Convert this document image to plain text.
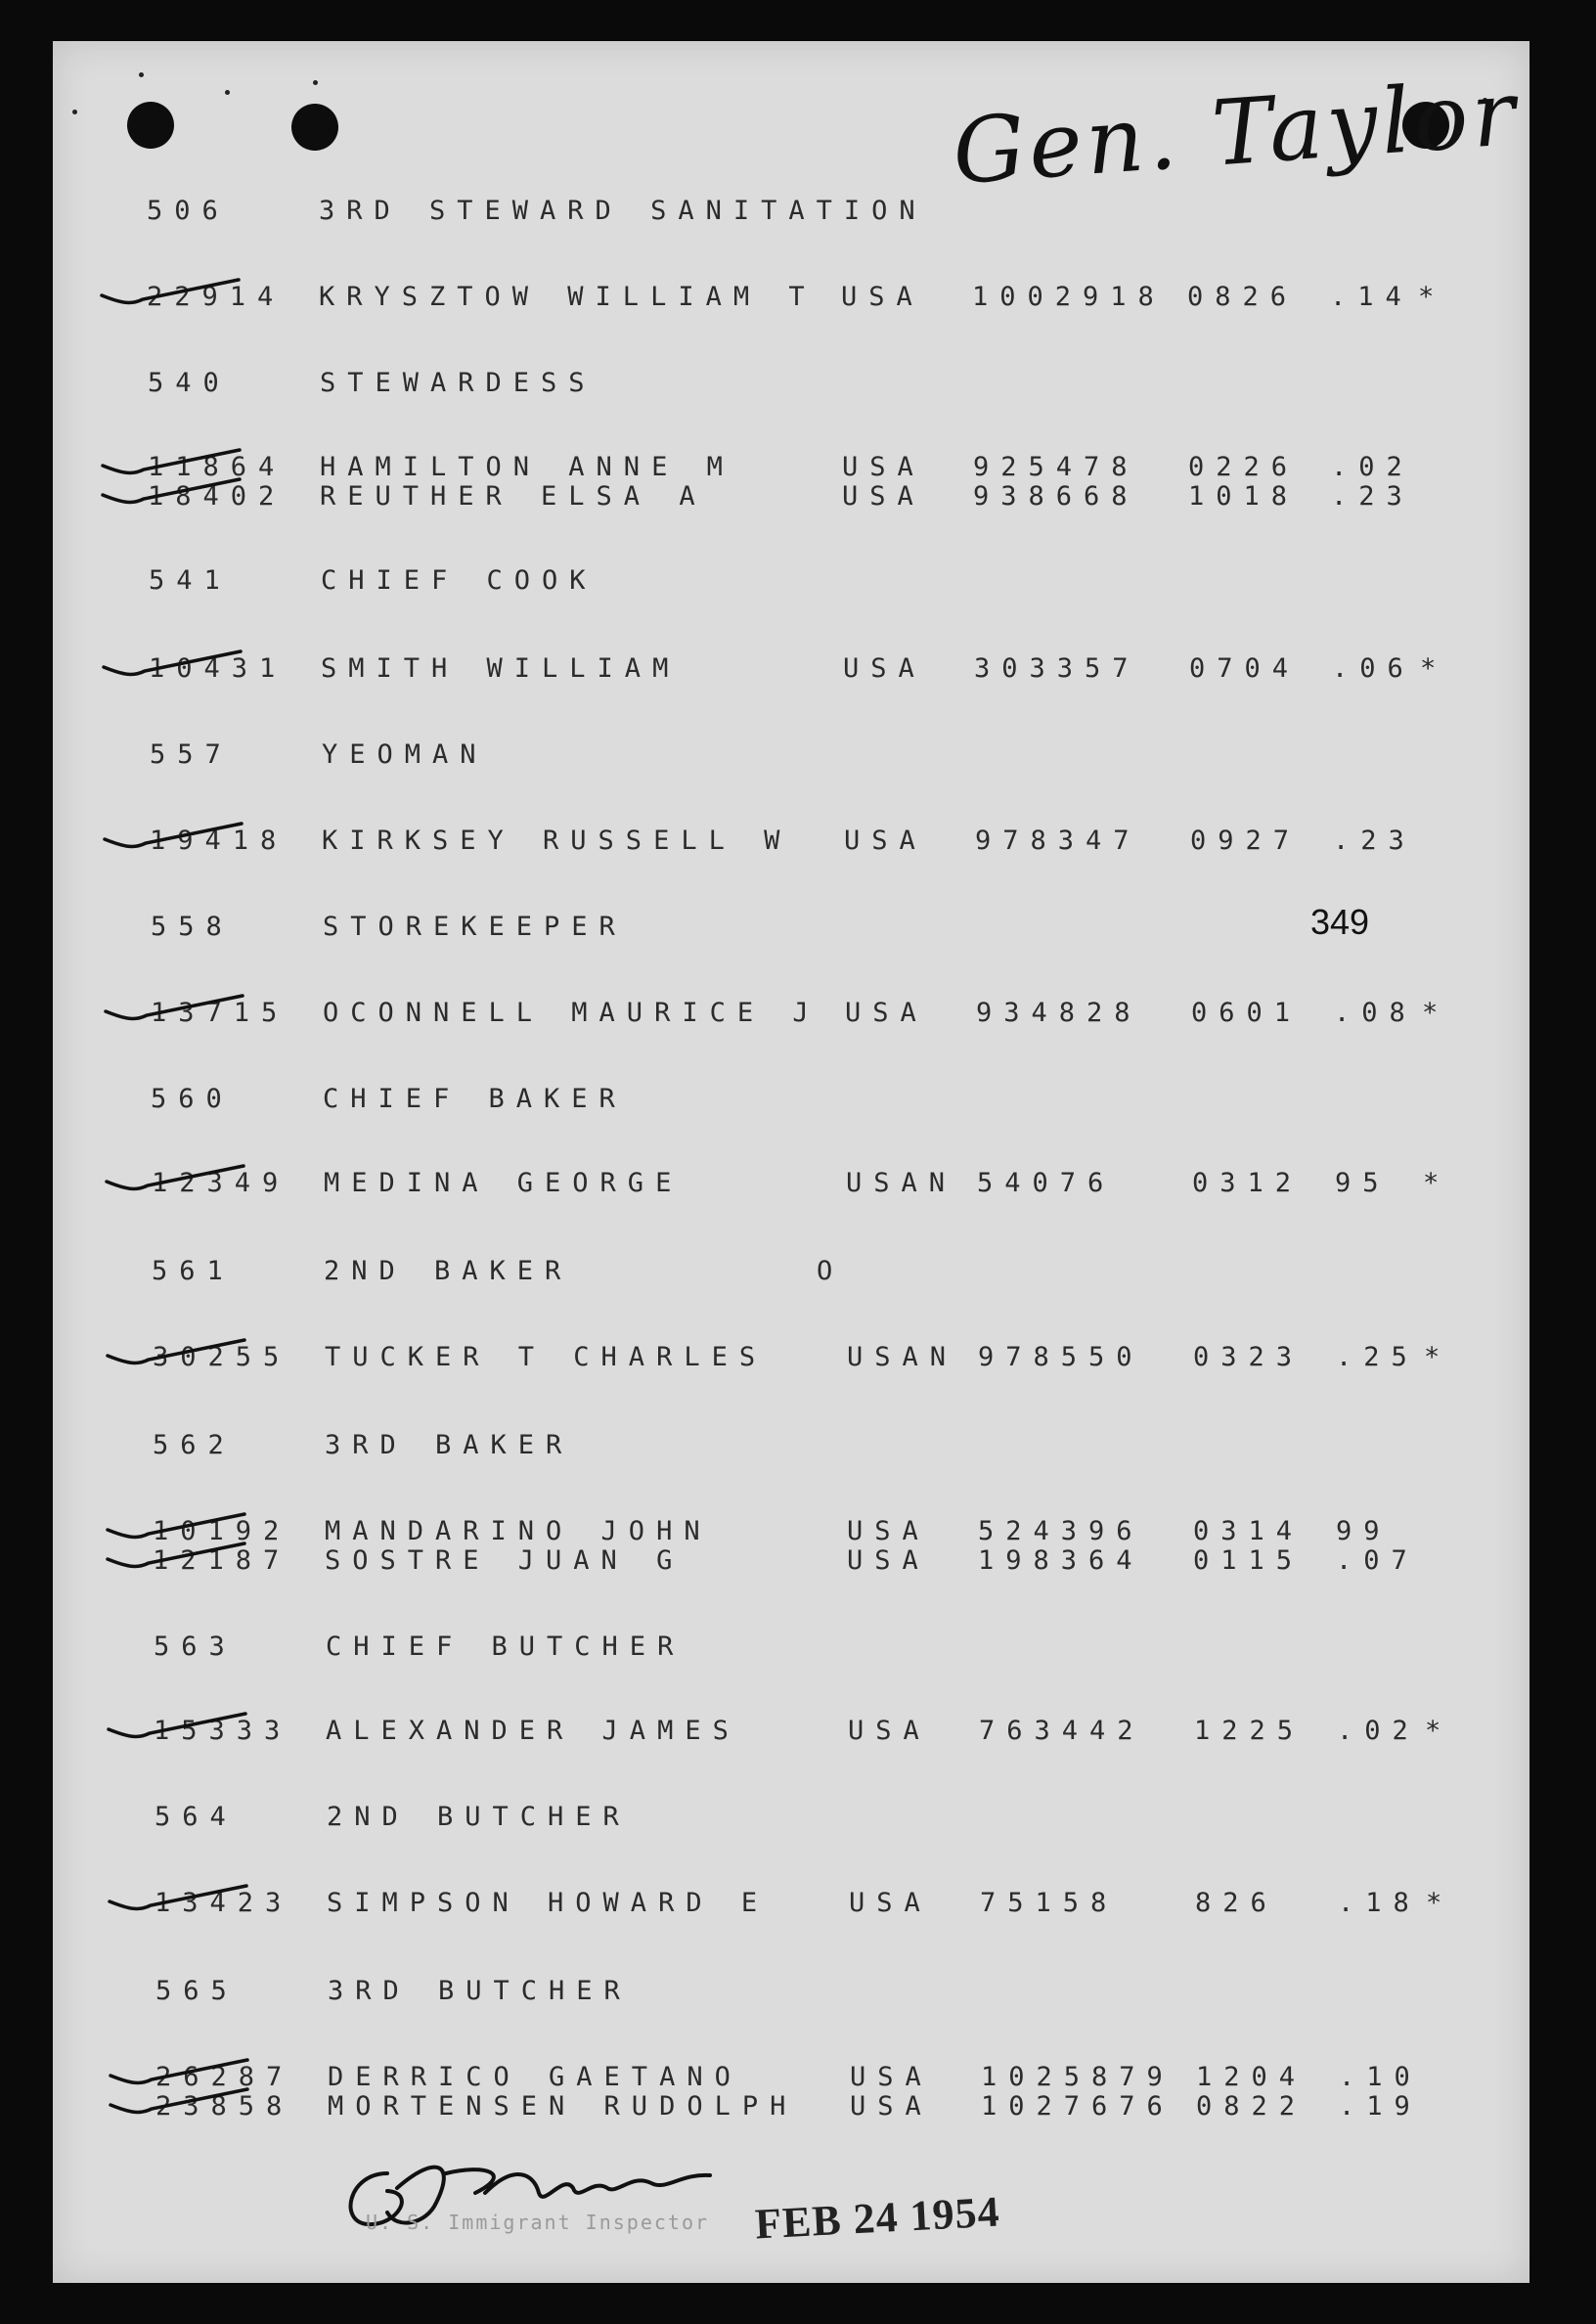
Gen. Taylor
506	3RD STEWARD SANITATION
22914 KRYSZTOW WILLIAM T USA 1002918 0826 .14 *
540	STEWARDESS
11864 HAMILTON ANNE M	USA 925478 0226 .02
18402 REUTHER ELSA A	USA 938668 1018 .23
541	CHIEF COOK
10431 SMITH WILLIAM	USA 303357 0704 .06 *
557	YEOMAN
19418 KIRKSEY RUSSELL W USA 978347 0927 .23
558	STOREKEEPER
13715 OCONNELL MAURICE J USA 934828 0601 .08 *
560	CHIEF BAKER
12349 MEDINA GEORGE	USAN 54076	0312 95 *
561	2ND BAKER	O
30255 TUCKER T CHARLES	USAN 978550 0323 .25 *
562	3RD BAKER
10192 MANDARINO JOHN	USA 524396 0314 99
12187 SOSTRE JUAN G	USA 198364 0115 .07
563	CHIEF BUTCHER
15333 ALEXANDER JAMES	USA 763442 1225 .02 *
564	2ND BUTCHER
13423 SIMPSON HOWARD E	USA 75158	826 .18 *
565	3RD BUTCHER
26287 DERRICO GAETANO	USA 1025879 1204 .10
23858 MORTENSEN RUDOLPH USA 1027676 0822 .19
349
U. S. Immigrant Inspector FEB 24 1954
